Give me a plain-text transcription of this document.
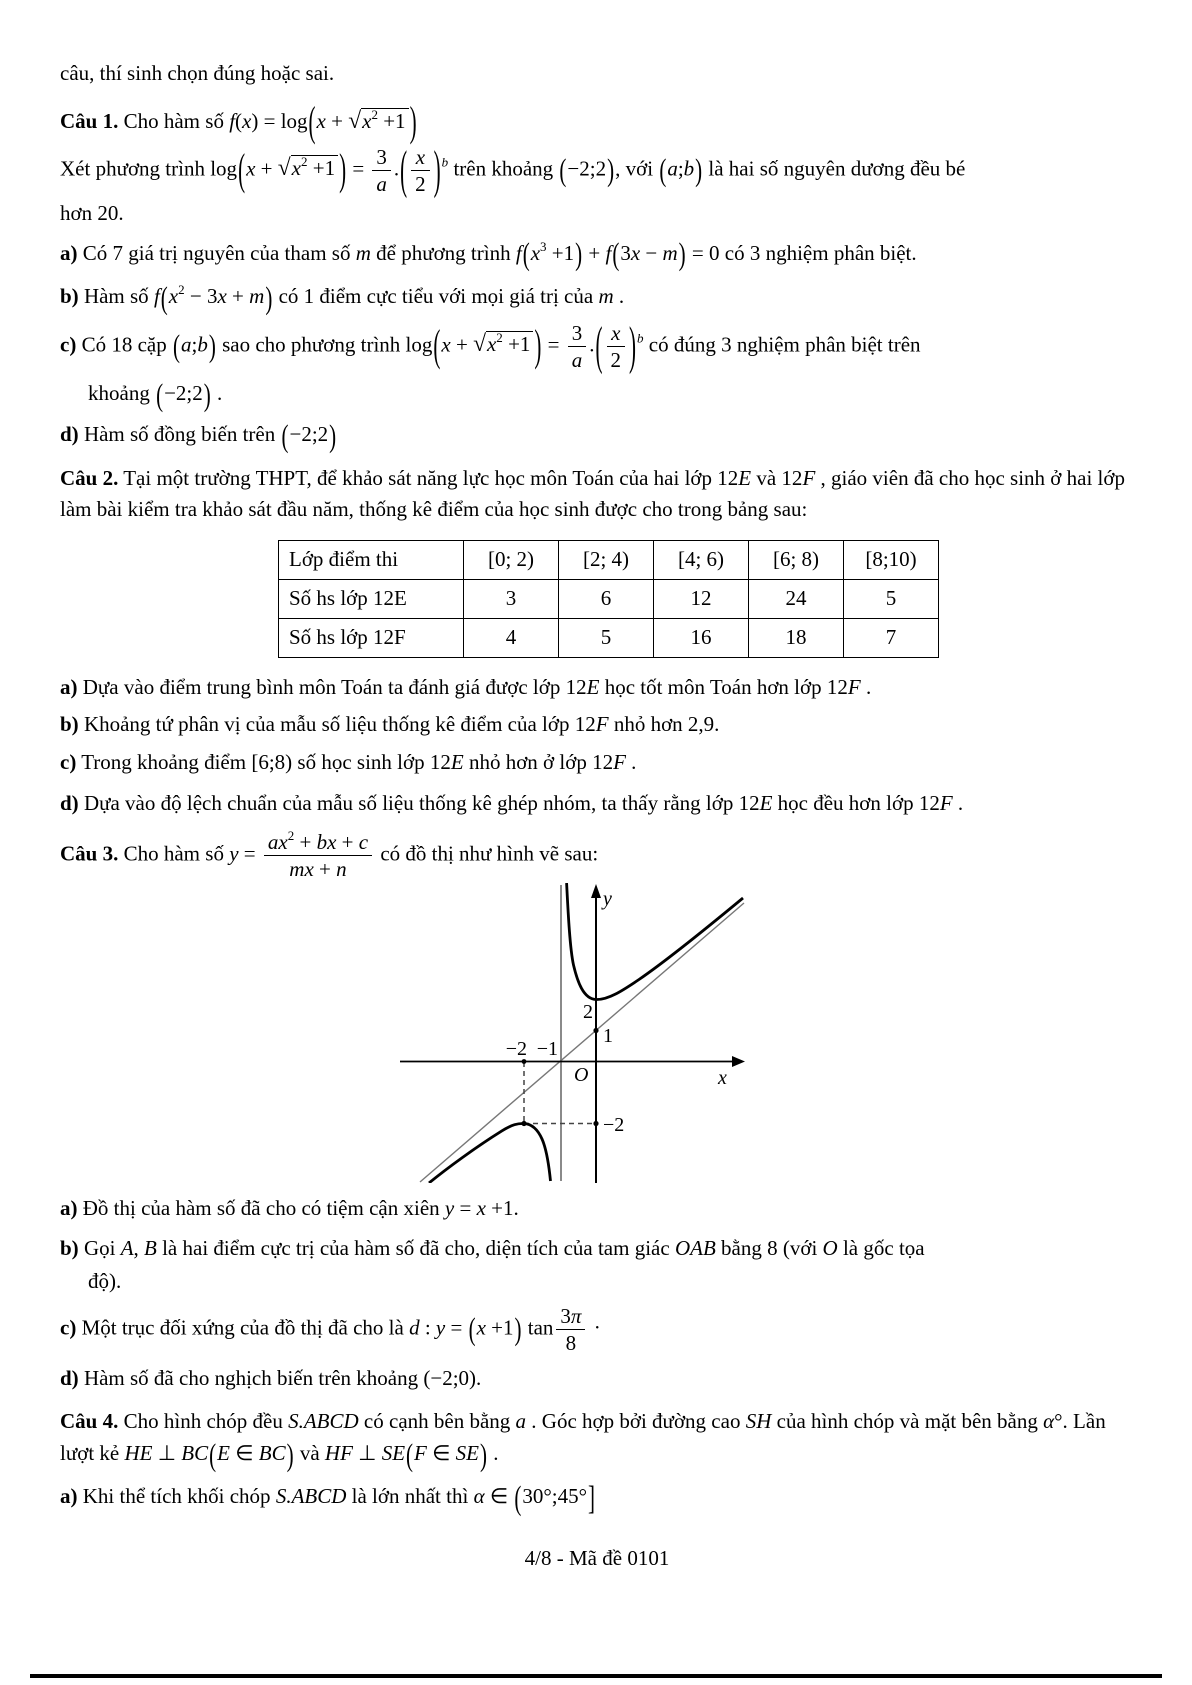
câu, thí sinh chọn đúng hoặc sai.
Câu 1. Cho hàm số $f(x) = \log(x + √x^2 +1$ )
Xét phương trình $\log(x + √x^2 +1$ ) = $\frac{3}{a}$ .( $\frac{x}{2} )^b$ trên khoảng (−2;2), với (a;b) là hai số nguyên dương đều bé
hơn 20.
a) Có 7 giá trị nguyên của tham số m để phương trình $f(x^3 +1) + f(3x - m) = 0$ có 3 nghiệm phân biệt.
b) Hàm số $f(x^2 - 3x + m)$ có 1 điểm cực tiểu với mọi giá trị của m .
c) Có 18 cặp (a;b) sao cho phương trình $\log(x + √x^2 +1$ ) = $\frac{3}{a}$ .( $\frac{x}{2} )^b$ có đúng 3 nghiệm phân biệt trên
khoảng (−2;2) .
d) Hàm số đồng biến trên (−2;2)
Câu 2. Tại một trường THPT, để khảo sát năng lực học môn Toán của hai lớp 12E và 12F , giáo viên đã cho học sinh ở hai lớp làm bài kiểm tra khảo sát đầu năm, thống kê điểm của học sinh được cho trong bảng sau:
Lớp điểm thi	[0; 2)	[2; 4)	[4; 6)	[6; 8)	[8;10)
Số hs lớp 12E	3	6	12	24	5
Số hs lớp 12F	4	5	16	18	7
a) Dựa vào điểm trung bình môn Toán ta đánh giá được lớp 12E học tốt môn Toán hơn lớp 12F .
b) Khoảng tứ phân vị của mẫu số liệu thống kê điểm của lớp 12F nhỏ hơn 2,9.
c) Trong khoảng điểm [6;8) số học sinh lớp 12E nhỏ hơn ở lớp 12F .
d) Dựa vào độ lệch chuẩn của mẫu số liệu thống kê ghép nhóm, ta thấy rằng lớp 12E học đều hơn lớp 12F .
Câu 3. Cho hàm số $y = \frac{ax^2 + bx + c}{mx + n}$ có đồ thị như hình vẽ sau:
y
x
O
2
1
−2 −1
−2
a) Đồ thị của hàm số đã cho có tiệm cận xiên y = x +1.
b) Gọi A, B là hai điểm cực trị của hàm số đã cho, diện tích của tam giác OAB bằng 8 (với O là gốc tọa
độ).
c) Một trục đối xứng của đồ thị đã cho là d : y = (x +1) $\tan \frac{3\pi}{8}$ ·
d) Hàm số đã cho nghịch biến trên khoảng (−2;0).
Câu 4. Cho hình chóp đều S.ABCD có cạnh bên bằng a . Góc hợp bởi đường cao SH của hình chóp và mặt bên bằng α°. Lần lượt kẻ HE ⊥ BC(E ∈ BC) và HF ⊥ SE(F ∈ SE) .
a) Khi thể tích khối chóp S.ABCD là lớn nhất thì α ∈ (30°;45°]
4/8 - Mã đề 0101
